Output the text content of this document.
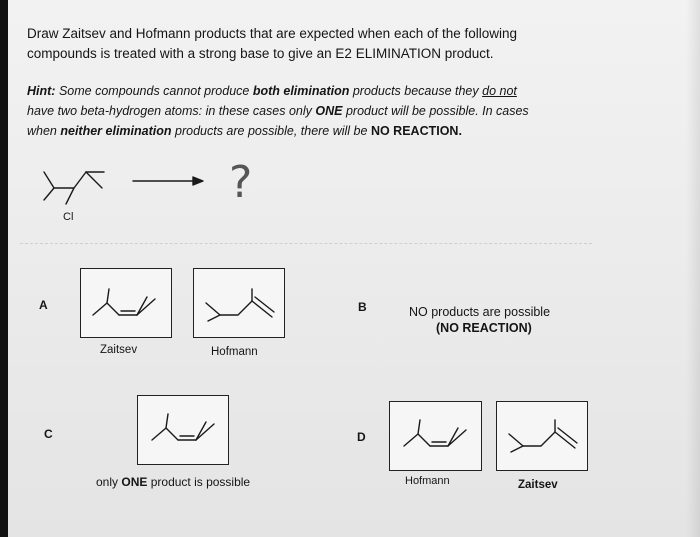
Draw Zaitsev and Hofmann products that are expected when each of the following
compounds is treated with a strong base to give an E2 ELIMINATION product.
Hint: Some compounds cannot produce both elimination products because they do not
have two beta-hydrogen atoms: in these cases only ONE product will be possible. In cases
when neither elimination products are possible, there will be NO REACTION.
Cl
?
A
Zaitsev	Hofmann
B	NO products are possible
(NO REACTION)
C
only ONE product is possible
D
Hofmann	Zaitsev
